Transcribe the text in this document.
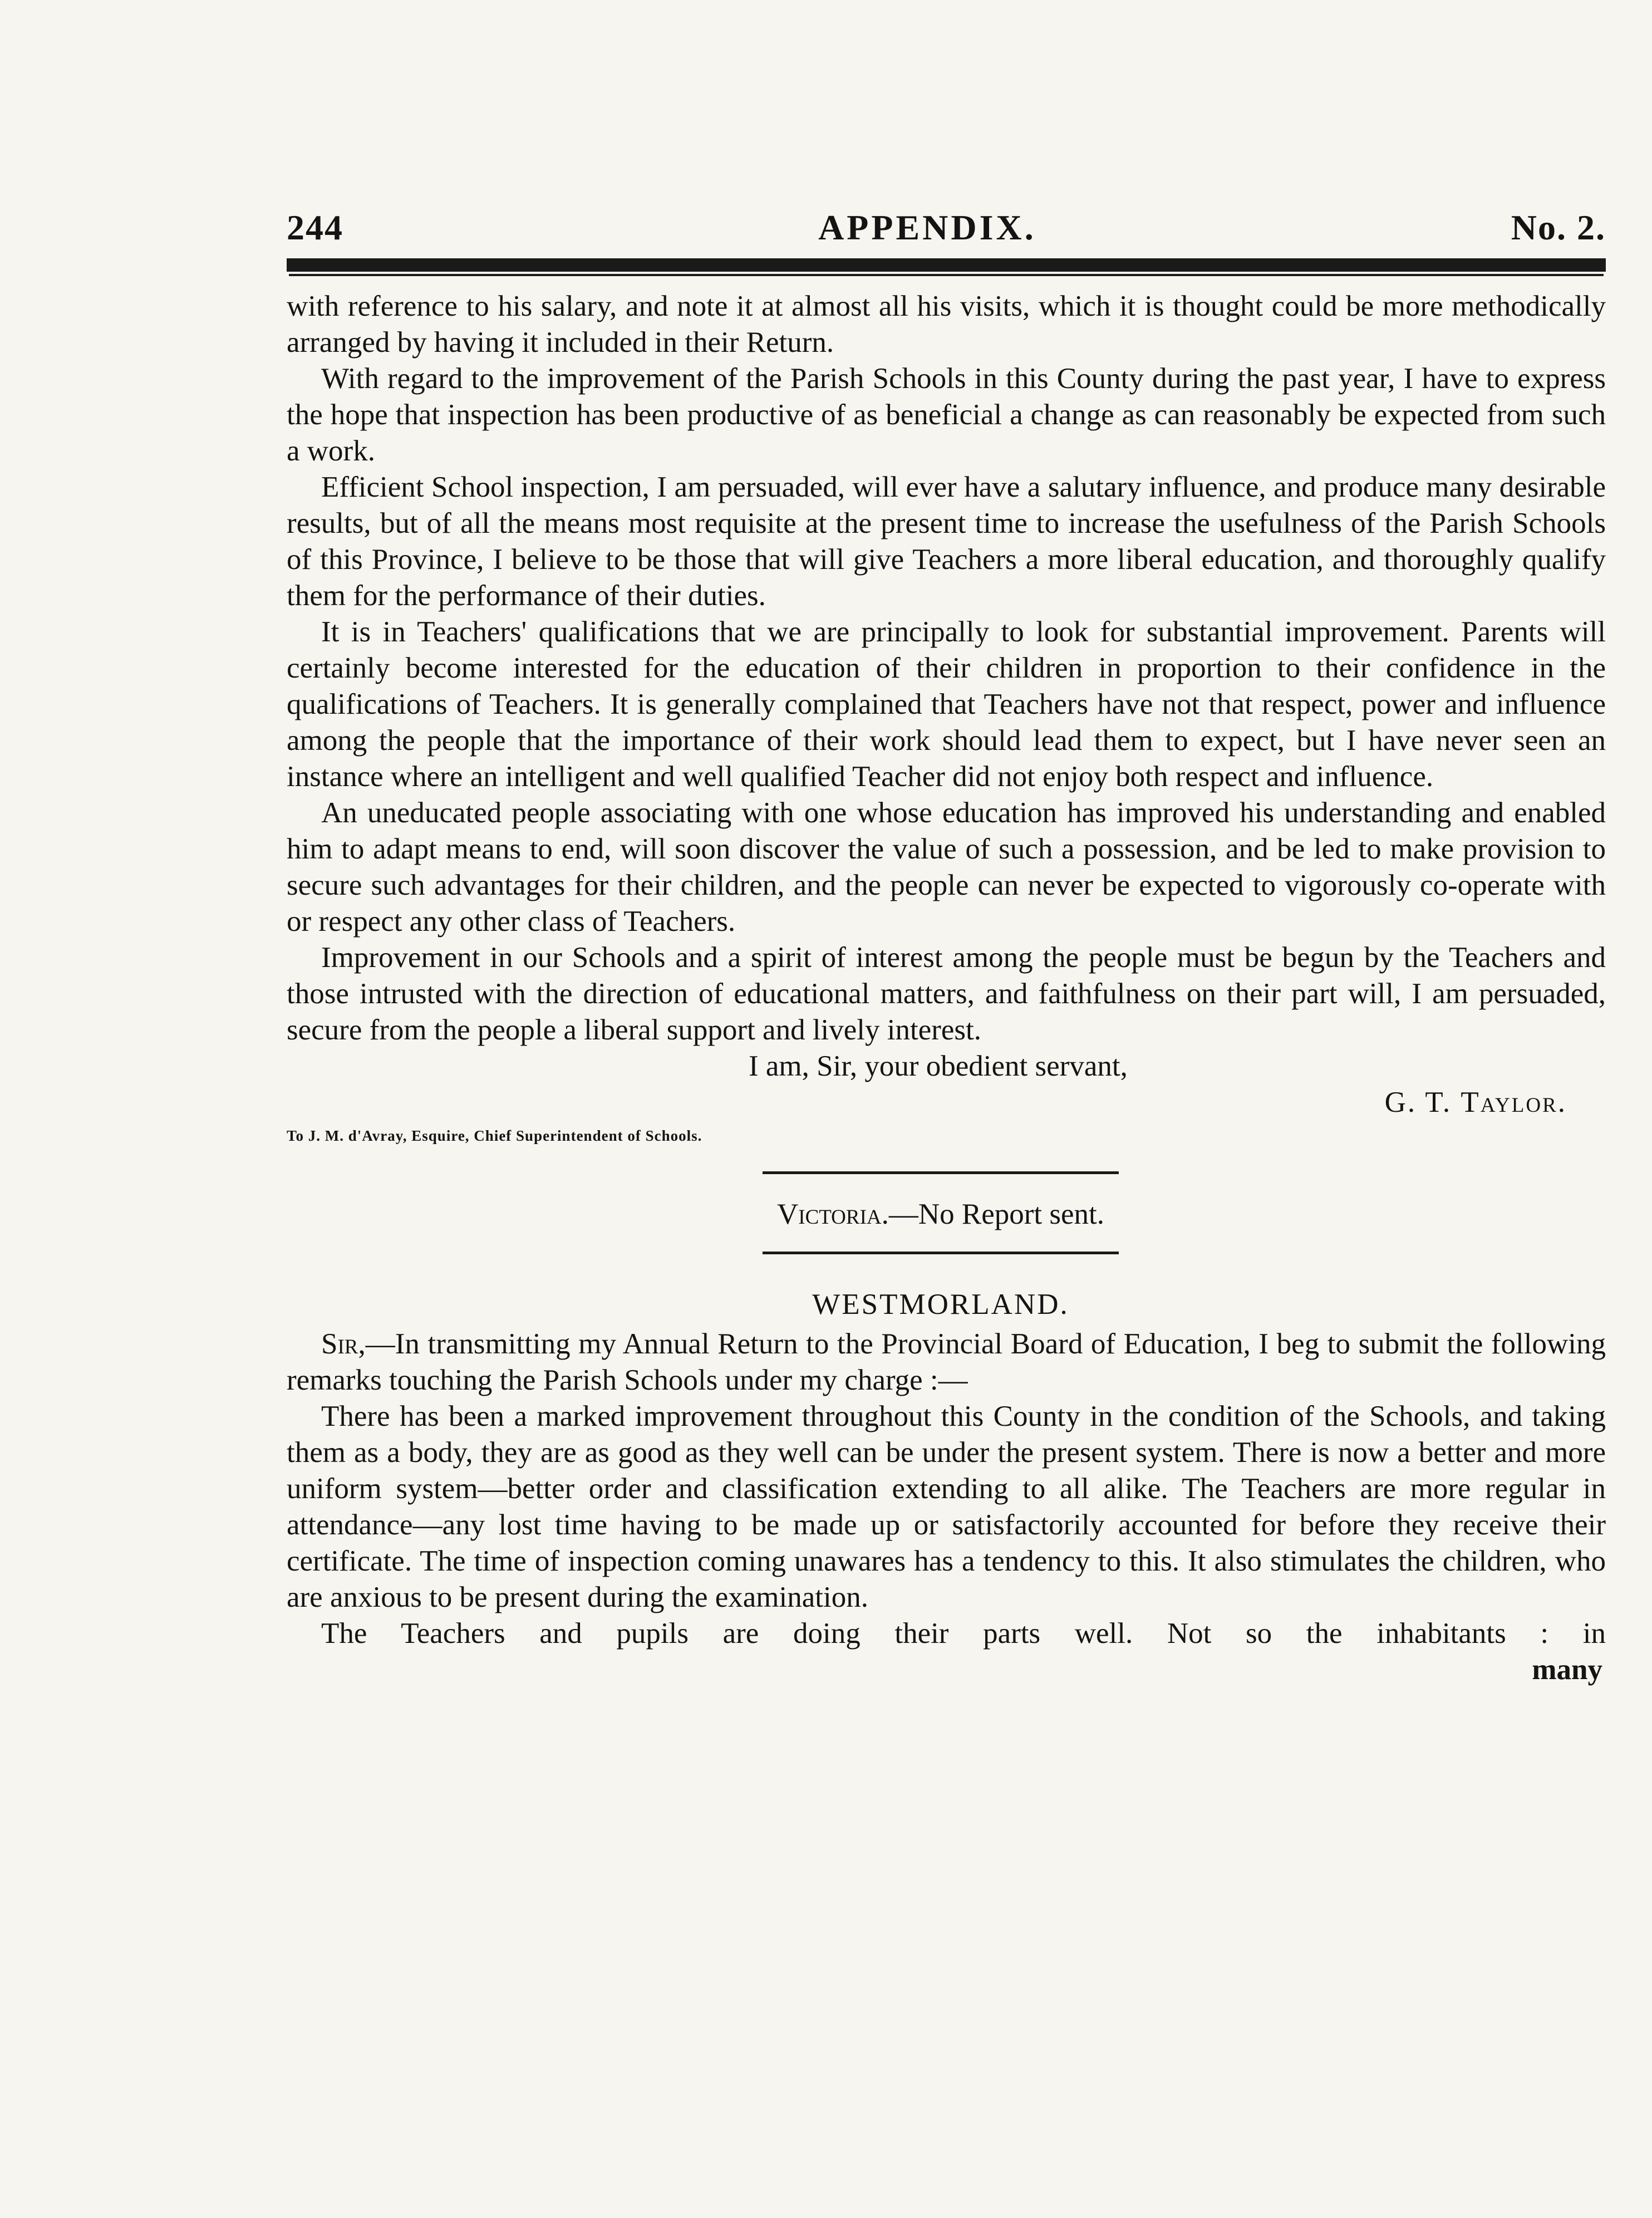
244	APPENDIX.	No. 2.

with reference to his salary, and note it at almost all his visits, which it is thought could be more methodically arranged by having it included in their Return.

With regard to the improvement of the Parish Schools in this County during the past year, I have to express the hope that inspection has been productive of as beneficial a change as can reasonably be expected from such a work.

Efficient School inspection, I am persuaded, will ever have a salutary influence, and produce many desirable results, but of all the means most requisite at the present time to increase the usefulness of the Parish Schools of this Province, I believe to be those that will give Teachers a more liberal education, and thoroughly qualify them for the performance of their duties.

It is in Teachers' qualifications that we are principally to look for substantial improvement. Parents will certainly become interested for the education of their children in proportion to their confidence in the qualifications of Teachers. It is generally complained that Teachers have not that respect, power and influence among the people that the importance of their work should lead them to expect, but I have never seen an instance where an intelligent and well qualified Teacher did not enjoy both respect and influence.

An uneducated people associating with one whose education has improved his understanding and enabled him to adapt means to end, will soon discover the value of such a possession, and be led to make provision to secure such advantages for their children, and the people can never be expected to vigorously co-operate with or respect any other class of Teachers.

Improvement in our Schools and a spirit of interest among the people must be begun by the Teachers and those intrusted with the direction of educational matters, and faithfulness on their part will, I am persuaded, secure from the people a liberal support and lively interest.

I am, Sir, your obedient servant,

G. T. Taylor.
To J. M. d'Avray, Esquire, Chief Superintendent of Schools.
Victoria.—No Report sent.
WESTMORLAND.

Sir,—In transmitting my Annual Return to the Provincial Board of Education, I beg to submit the following remarks touching the Parish Schools under my charge :—

There has been a marked improvement throughout this County in the condition of the Schools, and taking them as a body, they are as good as they well can be under the present system. There is now a better and more uniform system—better order and classification extending to all alike. The Teachers are more regular in attendance—any lost time having to be made up or satisfactorily accounted for before they receive their certificate. The time of inspection coming unawares has a tendency to this. It also stimulates the children, who are anxious to be present during the examination.

The Teachers and pupils are doing their parts well. Not so the inhabitants : in

many
